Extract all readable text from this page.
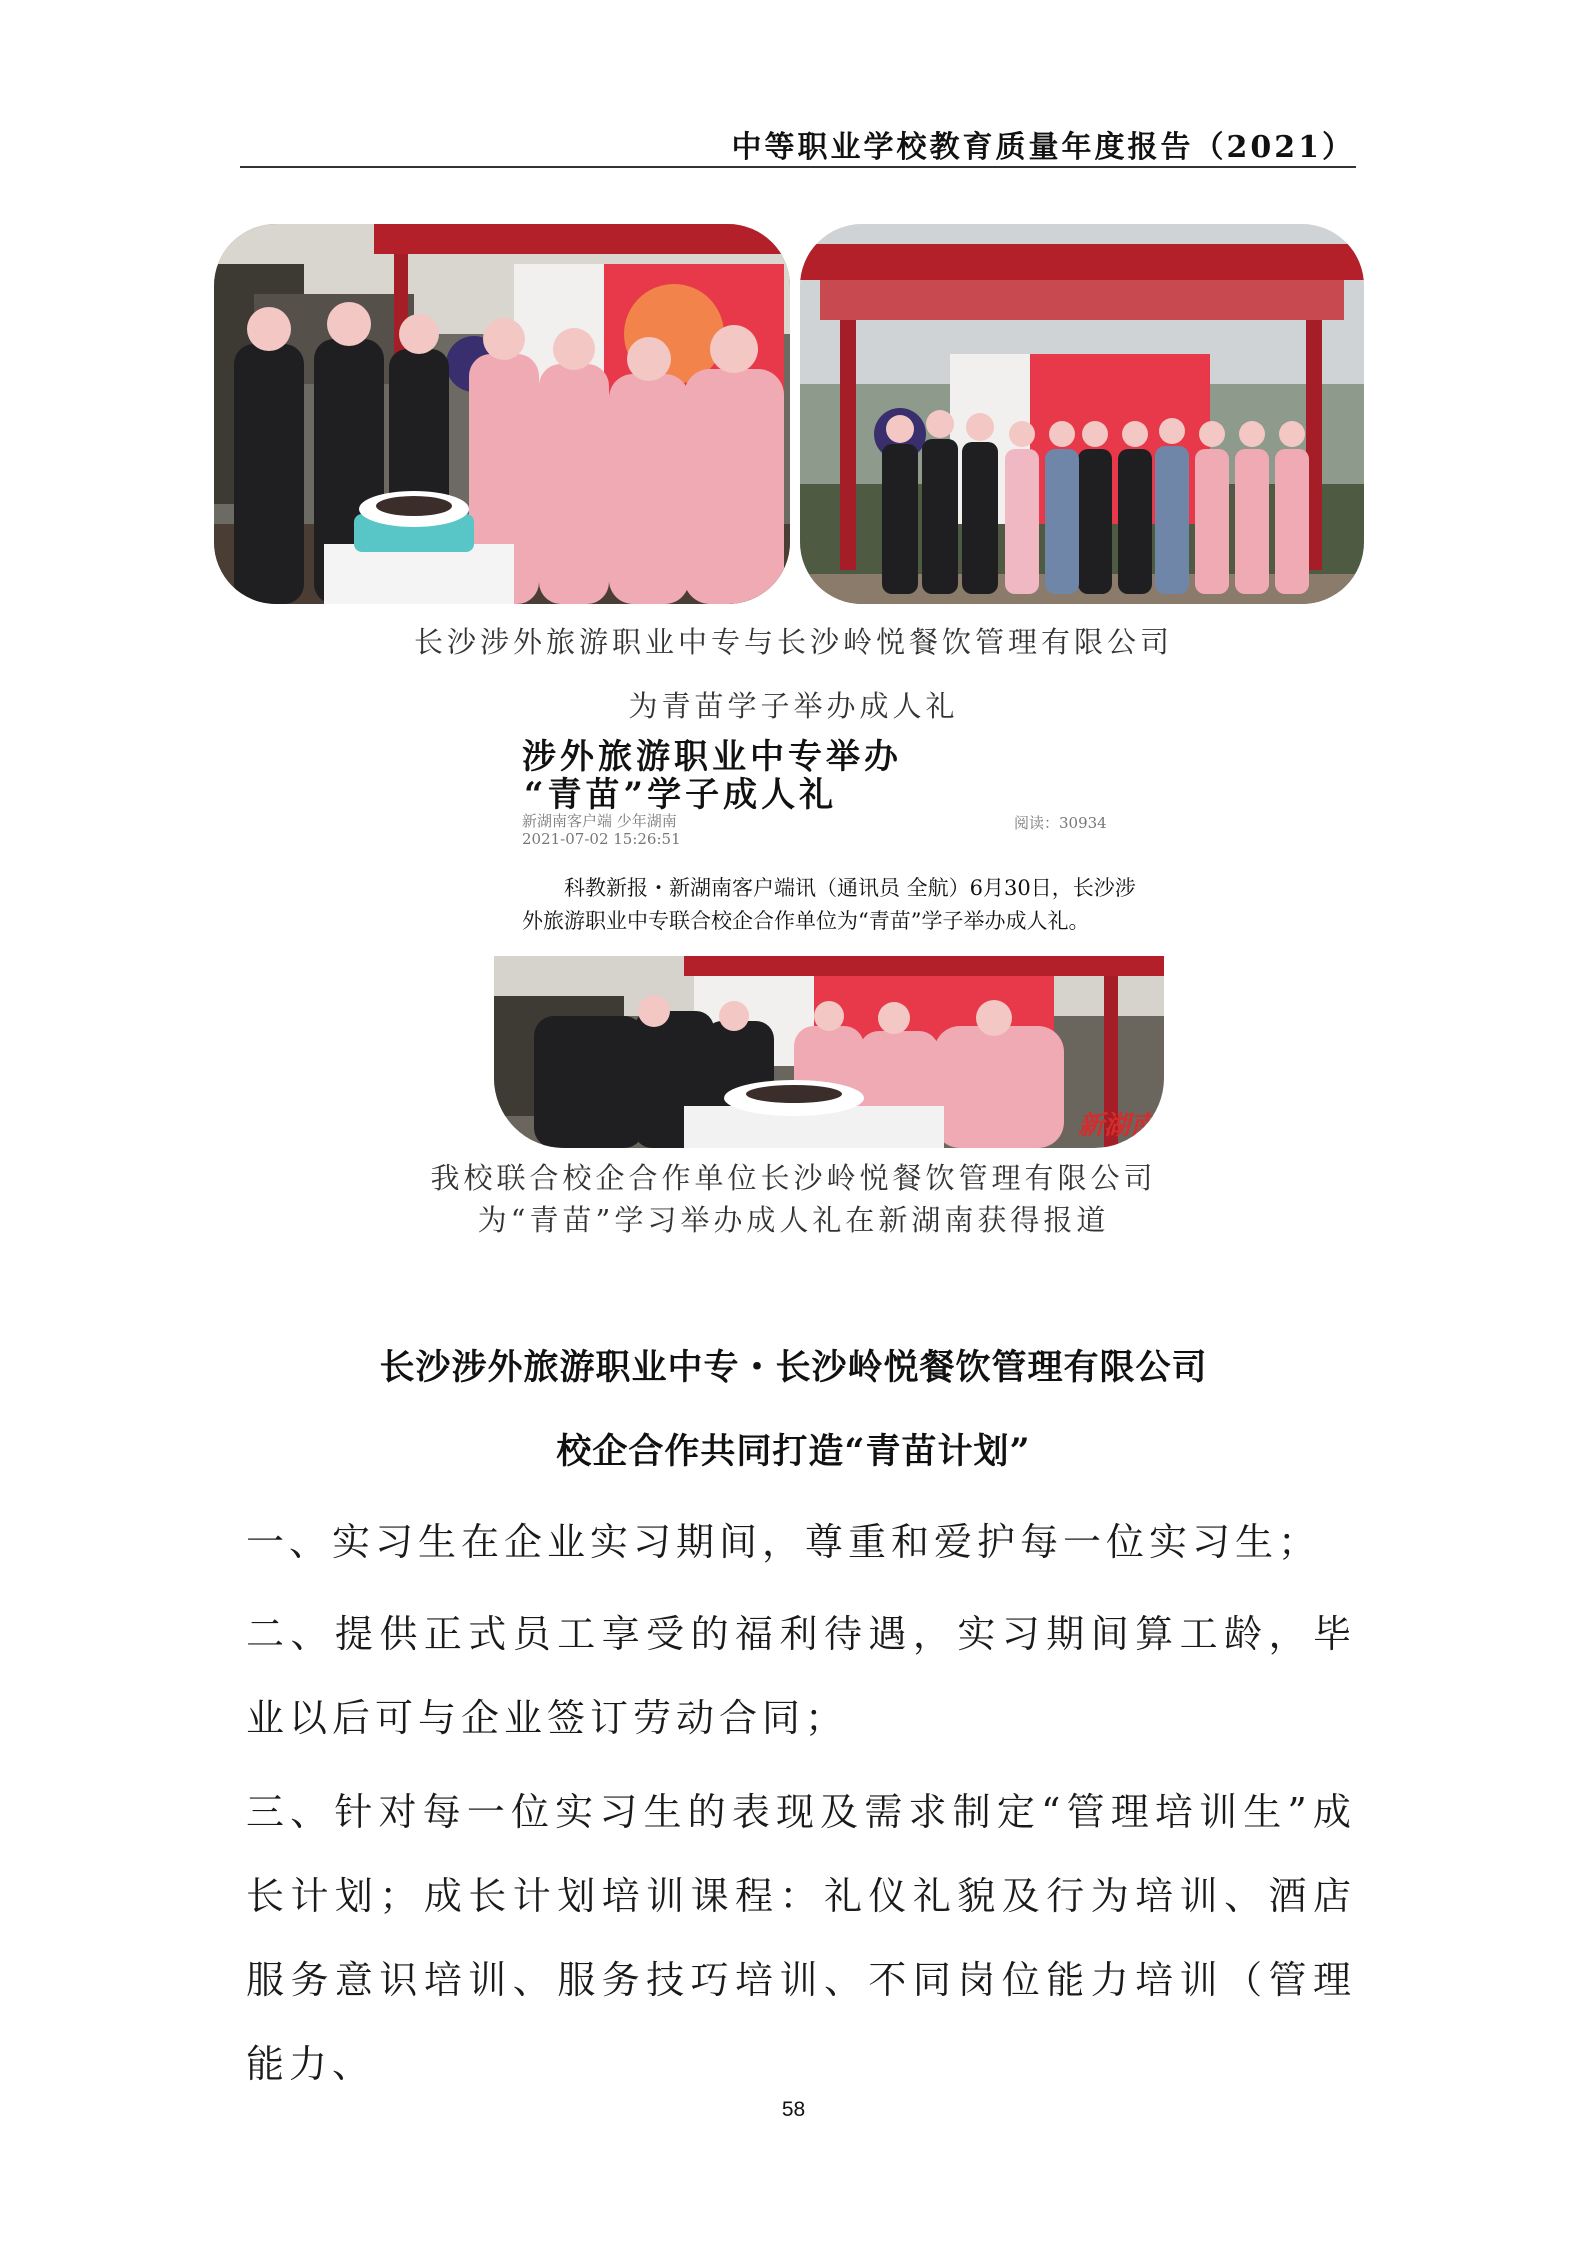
中等职业学校教育质量年度报告（2021）
长沙涉外旅游职业中专与长沙岭悦餐饮管理有限公司
为青苗学子举办成人礼
涉外旅游职业中专举办
“青苗”学子成人礼
新湖南客户端 少年湖南
2021-07-02 15:26:51
阅读：30934
科教新报・新湖南客户端讯（通讯员 全航）6月30日，长沙涉外旅游职业中专联合校企合作单位为“青苗”学子举办成人礼。
新湖南
我校联合校企合作单位长沙岭悦餐饮管理有限公司
为“青苗”学习举办成人礼在新湖南获得报道
长沙涉外旅游职业中专・长沙岭悦餐饮管理有限公司
校企合作共同打造“青苗计划”
一、实习生在企业实习期间，尊重和爱护每一位实习生；
二、提供正式员工享受的福利待遇，实习期间算工龄，毕业以后可与企业签订劳动合同；
三、针对每一位实习生的表现及需求制定“管理培训生”成长计划；成长计划培训课程：礼仪礼貌及行为培训、酒店服务意识培训、服务技巧培训、不同岗位能力培训（管理能力、
58
